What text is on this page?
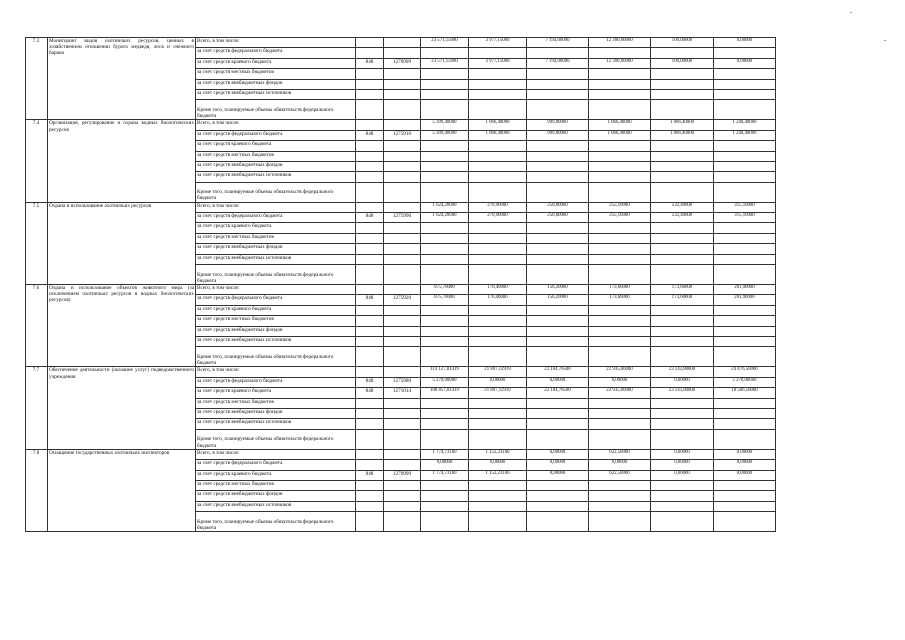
7.3	Мониторинг видов охотничьих ресурсов, ценных в хозяйственном отношении бурого медведя, лося и снежного барана	Всего, в том числе:			23 571,15000	3 977,15000	7 194,00000	12 300,00000	100,00000	0,00000
		за счет средств федерального бюджета								
		за счет средств краевого бюджета	848	1270999	23 571,15000	3 977,15000	7 194,00000	12 300,00000	100,00000	0,00000
		за счет средств местных бюджетов								
		за счет средств внебюджетных фондов								
		за счет средств внебюджетных источников								
		Кроме того, планируемые объемы обязательств федерального бюджета								
7.4	Организация, регулирование и охрана водных биологических ресурсов	Всего, в том числе:			5 399,40000	1 066,40000	999,80000	1 066,40000	1 066,40000	1 240,40000
		за счет средств федерального бюджета	848	1275910	5 399,40000	1 066,40000	999,80000	1 066,40000	1 066,40000	1 240,40000
		за счет средств краевого бюджета								
		за счет средств местных бюджетов								
		за счет средств внебюджетных фондов								
		за счет средств внебюджетных источников								
		Кроме того, планируемые объемы обязательств федерального бюджета								
7.5	Охрана и использование охотничьих ресурсов	Всего, в том числе:			1 624,20000	270,90000	250,80000	255,10000	532,40000	315,10000
		за счет средств федерального бюджета	848	1275990	1 624,20000	270,90000	250,80000	255,10000	532,40000	315,10000
		за счет средств краевого бюджета								
		за счет средств местных бюджетов								
		за счет средств внебюджетных фондов								
		за счет средств внебюджетных источников								
		Кроме того, планируемые объемы обязательств федерального бюджета								
7.6	Охрана и использование объектов животного мира (за исключением охотничьих ресурсов и водных биологических ресурсов)	Всего, в том числе:			875,70000	170,40000	156,20000	173,60000	173,60000	201,90000
		за счет средств федерального бюджета	848	1275920	875,70000	170,40000	156,20000	173,60000	173,60000	201,90000
		за счет средств краевого бюджета								
		за счет средств местных бюджетов								
		за счет средств внебюджетных фондов								
		за счет средств внебюджетных источников								
		Кроме того, планируемые объемы обязательств федерального бюджета								
7.7	Обеспечение деятельности (оказание услуг) подведомственного учреждения	Всего, в том числе:			114 127,81419	21 807,12919	22 104,76500	22 935,60000	23 143,80000	24 476,50000
		за счет средств федерального бюджета	848	1275980	5 270,00000	0,00000	0,00000	0,00000	0,00000	5 270,00000
		за счет средств краевого бюджета	848	1271014	108 857,81419	21 807,12919	22 104,76500	22 935,60000	23 143,80000	18 566,50000
		за счет средств местных бюджетов								
		за счет средств внебюджетных фондов								
		за счет средств внебюджетных источников								
		Кроме того, планируемые объемы обязательств федерального бюджета								
7.8	Оснащение государственных охотничьих инспекторов	Всего, в том числе:			1 774,73100	1 152,23100	0,00000	622,50000	0,00000	0,00000
		за счет средств федерального бюджета			0,00000	0,00000	0,00000	0,00000	0,00000	0,00000
		за счет средств краевого бюджета	848	1270999	1 774,73100	1 152,23100	0,00000	622,50000	0,00000	0,00000
		за счет средств местных бюджетов								
		за счет средств внебюджетных фондов								
		за счет средств внебюджетных источников								
		Кроме того, планируемые объемы обязательств федерального бюджета								
